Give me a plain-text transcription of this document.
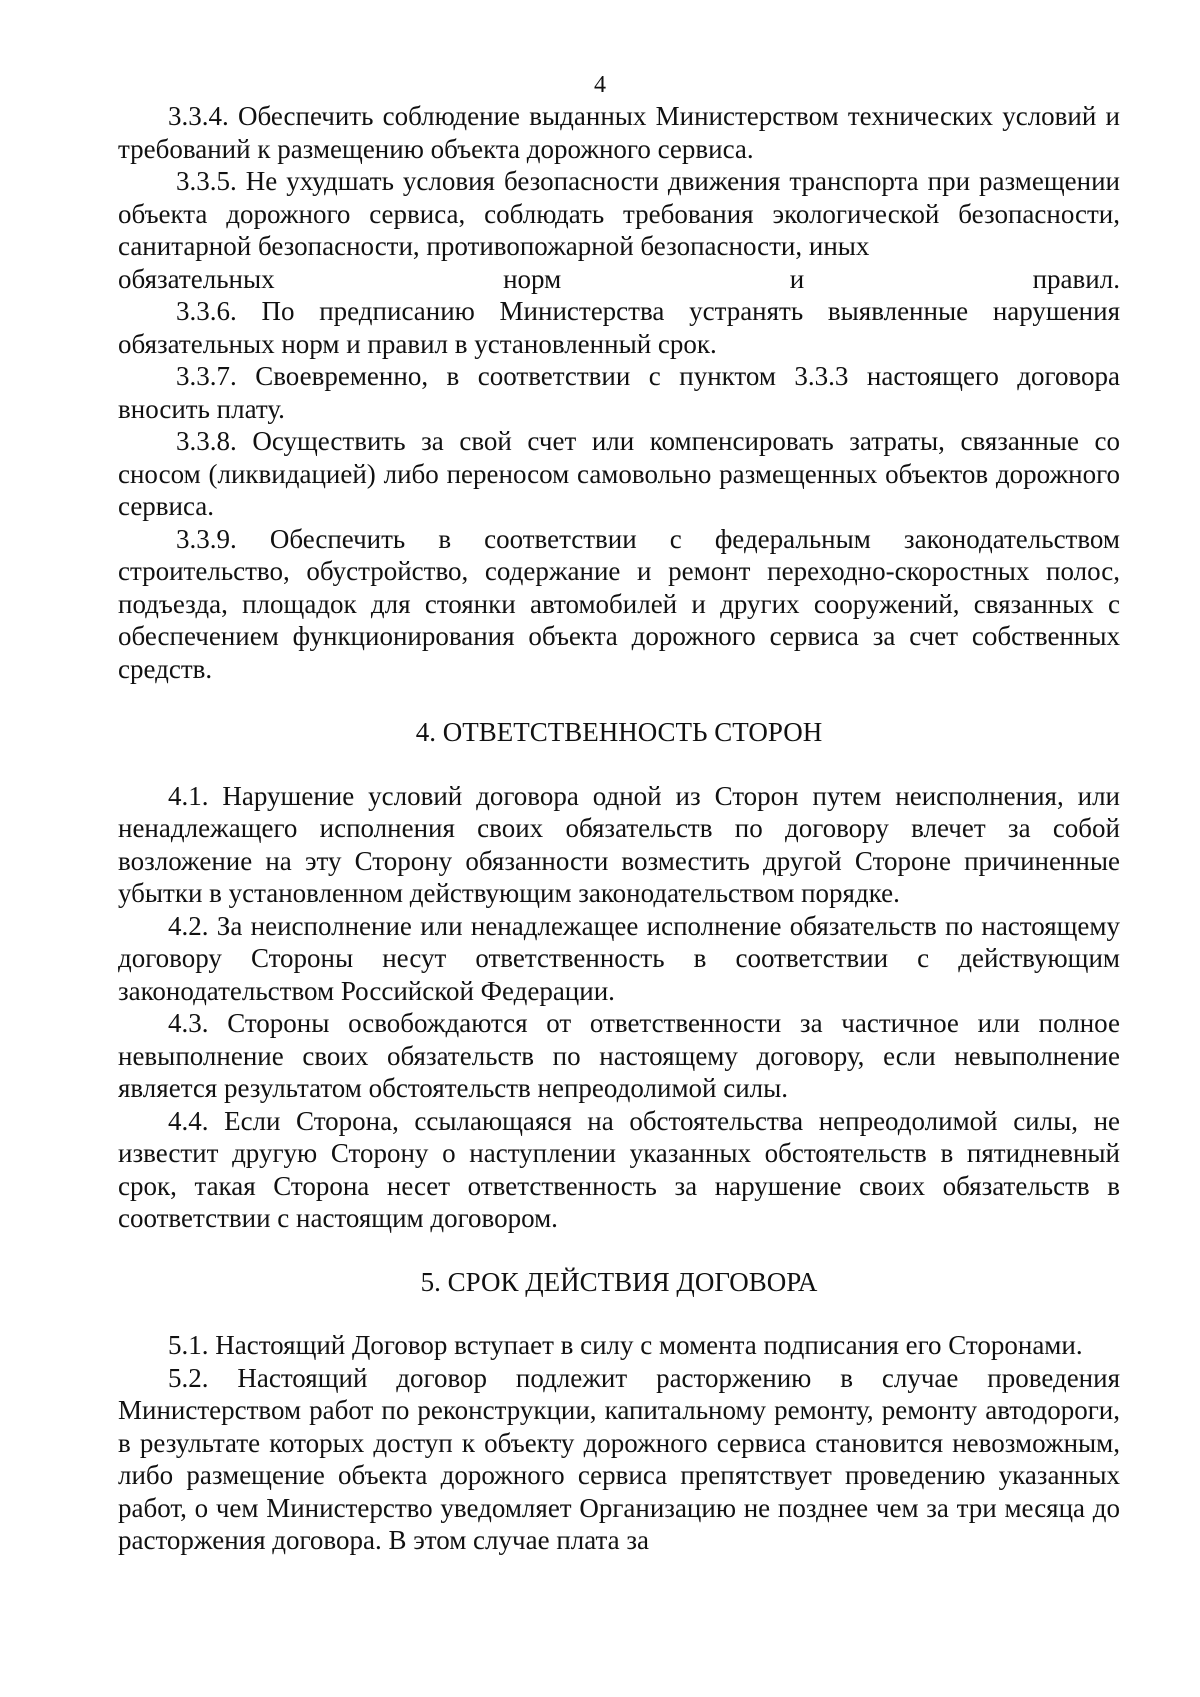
4

3.3.4. Обеспечить соблюдение выданных Министерством технических условий и требований к размещению объекта дорожного сервиса.

3.3.5. Не ухудшать условия безопасности движения транспорта при размещении объекта дорожного сервиса, соблюдать требования экологической безопасности, санитарной безопасности, противопожарной безопасности, иных

обязательных	норм	и	правил.

3.3.6. По предписанию Министерства устранять выявленные нарушения обязательных норм и правил в установленный срок.

3.3.7. Своевременно, в соответствии с пунктом 3.3.3 настоящего договора вносить плату.

3.3.8. Осуществить за свой счет или компенсировать затраты, связанные со сносом (ликвидацией) либо переносом самовольно размещенных объектов дорожного сервиса.

3.3.9. Обеспечить в соответствии с федеральным законодательством строительство, обустройство, содержание и ремонт переходно-скоростных полос, подъезда, площадок для стоянки автомобилей и других сооружений, связанных с обеспечением функционирования объекта дорожного сервиса за счет собственных средств.

4. ОТВЕТСТВЕННОСТЬ СТОРОН

4.1. Нарушение условий договора одной из Сторон путем неисполнения, или ненадлежащего исполнения своих обязательств по договору влечет за собой возложение на эту Сторону обязанности возместить другой Стороне причиненные убытки в установленном действующим законодательством порядке.

4.2. За неисполнение или ненадлежащее исполнение обязательств по настоящему договору Стороны несут ответственность в соответствии с действующим законодательством Российской Федерации.

4.3. Стороны освобождаются от ответственности за частичное или полное невыполнение своих обязательств по настоящему договору, если невыполнение является результатом обстоятельств непреодолимой силы.

4.4. Если Сторона, ссылающаяся на обстоятельства непреодолимой силы, не известит другую Сторону о наступлении указанных обстоятельств в пятидневный срок, такая Сторона несет ответственность за нарушение своих обязательств в соответствии с настоящим договором.

5. СРОК ДЕЙСТВИЯ ДОГОВОРА

5.1. Настоящий Договор вступает в силу с момента подписания его Сторонами.

5.2. Настоящий договор подлежит расторжению в случае проведения Министерством работ по реконструкции, капитальному ремонту, ремонту автодороги, в результате которых доступ к объекту дорожного сервиса становится невозможным, либо размещение объекта дорожного сервиса препятствует проведению указанных работ, о чем Министерство уведомляет Организацию не позднее чем за три месяца до расторжения договора. В этом случае плата за
